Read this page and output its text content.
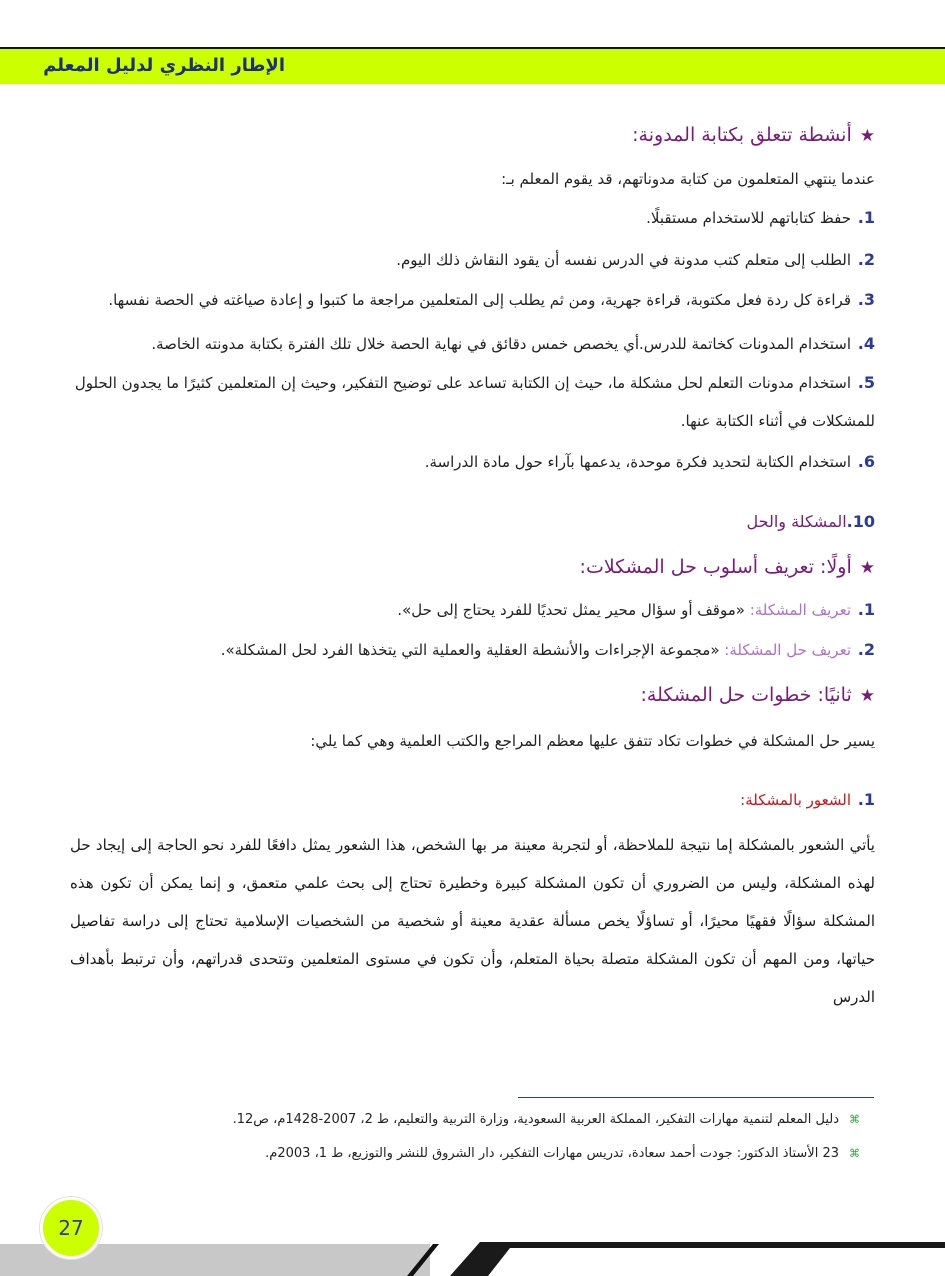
الإطار النظري لدليل المعلم
★أنشطة تتعلق بكتابة المدونة:
عندما ينتهي المتعلمون من كتابة مدوناتهم، قد يقوم المعلم بـ:
1.حفظ كتاباتهم للاستخدام مستقبلًا.
2.الطلب إلى متعلم كتب مدونة في الدرس نفسه أن يقود النقاش ذلك اليوم.
3.قراءة كل ردة فعل مكتوبة، قراءة جهرية، ومن ثم يطلب إلى المتعلمين مراجعة ما كتبوا و إعادة صياغته في الحصة نفسها.
4.استخدام المدونات كخاتمة للدرس.أي يخصص خمس دقائق في نهاية الحصة خلال تلك الفترة بكتابة مدونته الخاصة.
5.استخدام مدونات التعلم لحل مشكلة ما، حيث إن الكتابة تساعد على توضيح التفكير، وحيث إن المتعلمين كثيرًا ما يجدون الحلول للمشكلات في أثناء الكتابة عنها.
6.استخدام الكتابة لتحديد فكرة موحدة، يدعمها بآراء حول مادة الدراسة.
10.المشكلة والحل
★أولًا: تعريف أسلوب حل المشكلات:
1.تعريف المشكلة: «موقف أو سؤال محير يمثل تحديًا للفرد يحتاج إلى حل».
2.تعريف حل المشكلة: «مجموعة الإجراءات والأنشطة العقلية والعملية التي يتخذها الفرد لحل المشكلة».
★ثانيًا: خطوات حل المشكلة:
يسير حل المشكلة في خطوات تكاد تتفق عليها معظم المراجع والكتب العلمية وهي كما يلي:
1.الشعور بالمشكلة:
يأتي الشعور بالمشكلة إما نتيجة للملاحظة، أو لتجربة معينة مر بها الشخص، هذا الشعور يمثل دافعًا للفرد نحو الحاجة إلى إيجاد حل لهذه المشكلة، وليس من الضروري أن تكون المشكلة كبيرة وخطيرة تحتاج إلى بحث علمي متعمق، و إنما يمكن أن تكون هذه المشكلة سؤالًا فقهيًا محيرًا، أو تساؤلًا يخص مسألة عقدية معينة أو شخصية من الشخصيات الإسلامية تحتاج إلى دراسة تفاصيل حياتها، ومن المهم أن تكون المشكلة متصلة بحياة المتعلم، وأن تكون في مستوى المتعلمين وتتحدى قدراتهم، وأن ترتبط بأهداف الدرس
⌘دليل المعلم لتنمية مهارات التفكير، المملكة العربية السعودية، وزارة التربية والتعليم، ط 2، 2007-1428م، ص12.
⌘23 الأستاذ الدكتور: جودت أحمد سعادة، تدريس مهارات التفكير، دار الشروق للنشر والتوزيع، ط 1، 2003م.
27
